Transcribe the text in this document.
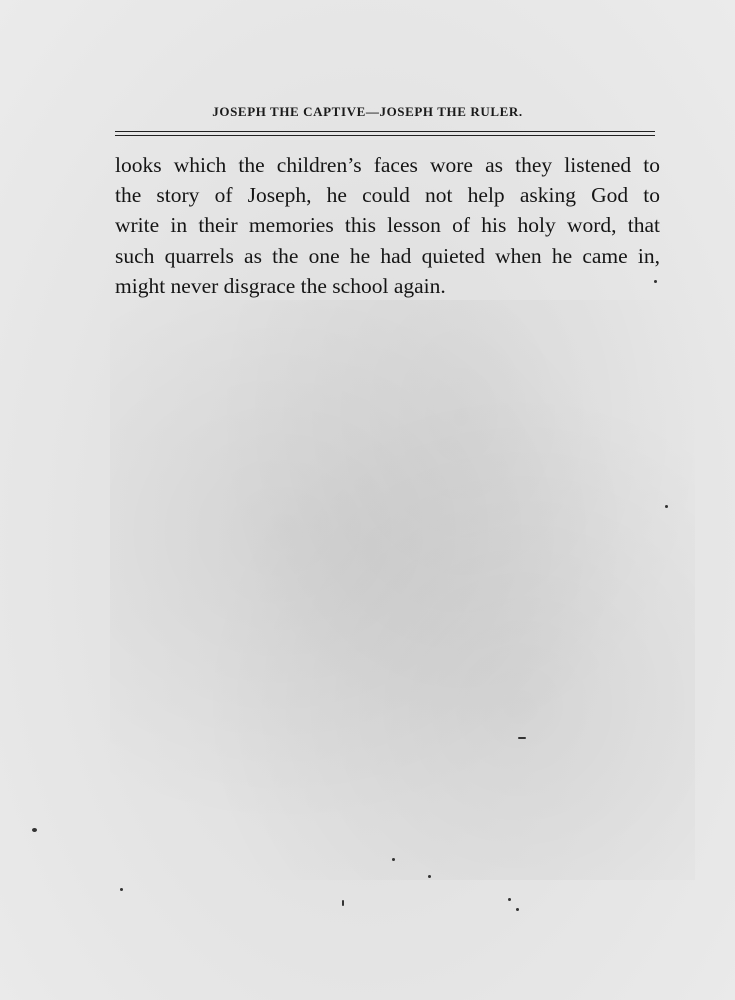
JOSEPH THE CAPTIVE—JOSEPH THE RULER.
looks which the children’s faces wore as they listened to
the story of Joseph, he could not help asking God to
write in their memories this lesson of his holy word, that
such quarrels as the one he had quieted when he came in,
might never disgrace the school again.
